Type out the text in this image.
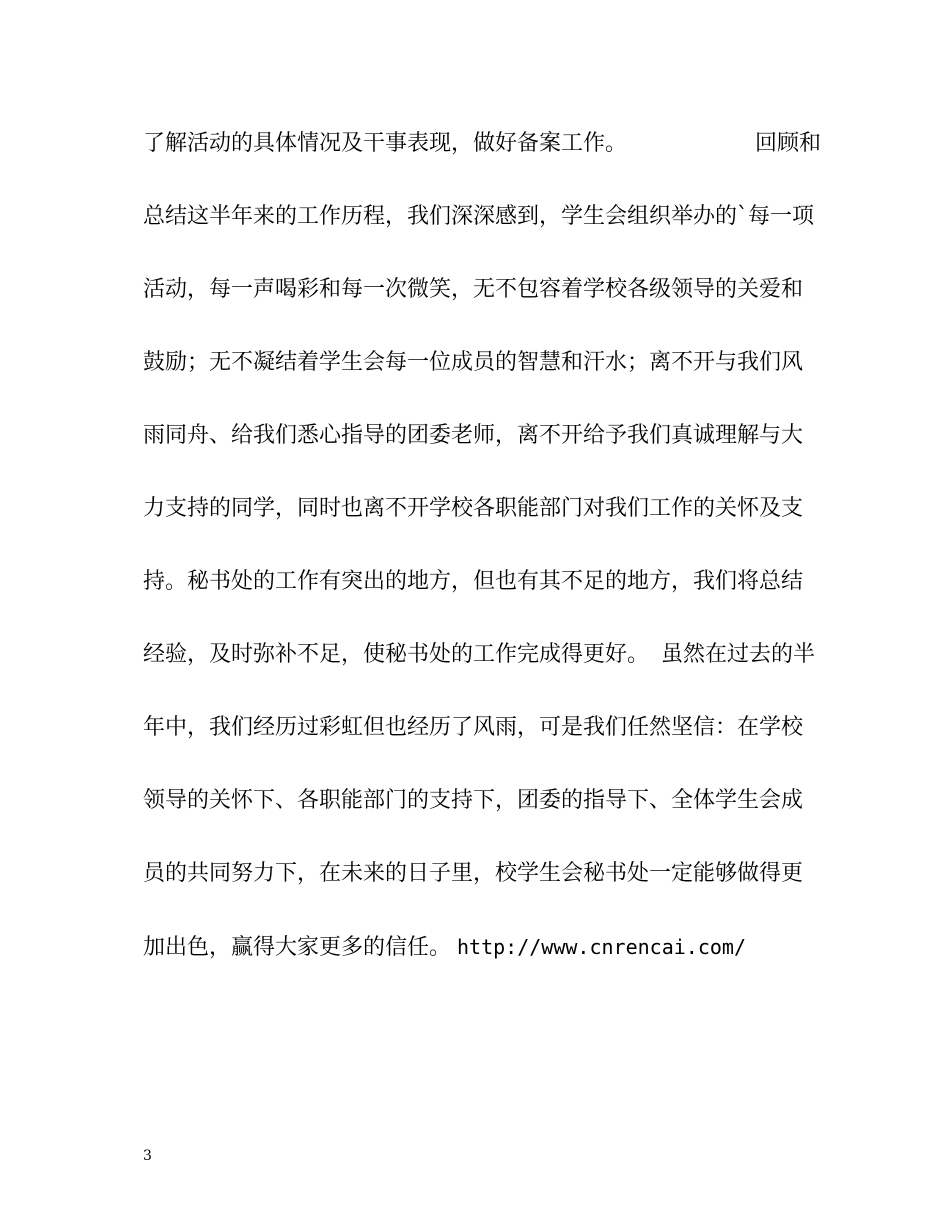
了解活动的具体情况及干事表现，做好备案工作。	回顾和
总结这半年来的工作历程，我们深深感到，学生会组织举办的`每一项
活动，每一声喝彩和每一次微笑，无不包容着学校各级领导的关爱和
鼓励；无不凝结着学生会每一位成员的智慧和汗水；离不开与我们风
雨同舟、给我们悉心指导的团委老师，离不开给予我们真诚理解与大
力支持的同学，同时也离不开学校各职能部门对我们工作的关怀及支
持。秘书处的工作有突出的地方，但也有其不足的地方，我们将总结
经验，及时弥补不足，使秘书处的工作完成得更好。 虽然在过去的半
年中，我们经历过彩虹但也经历了风雨，可是我们任然坚信：在学校
领导的关怀下、各职能部门的支持下，团委的指导下、全体学生会成
员的共同努力下，在未来的日子里，校学生会秘书处一定能够做得更
加出色，赢得大家更多的信任。 http://www.cnrencai.com/
3
